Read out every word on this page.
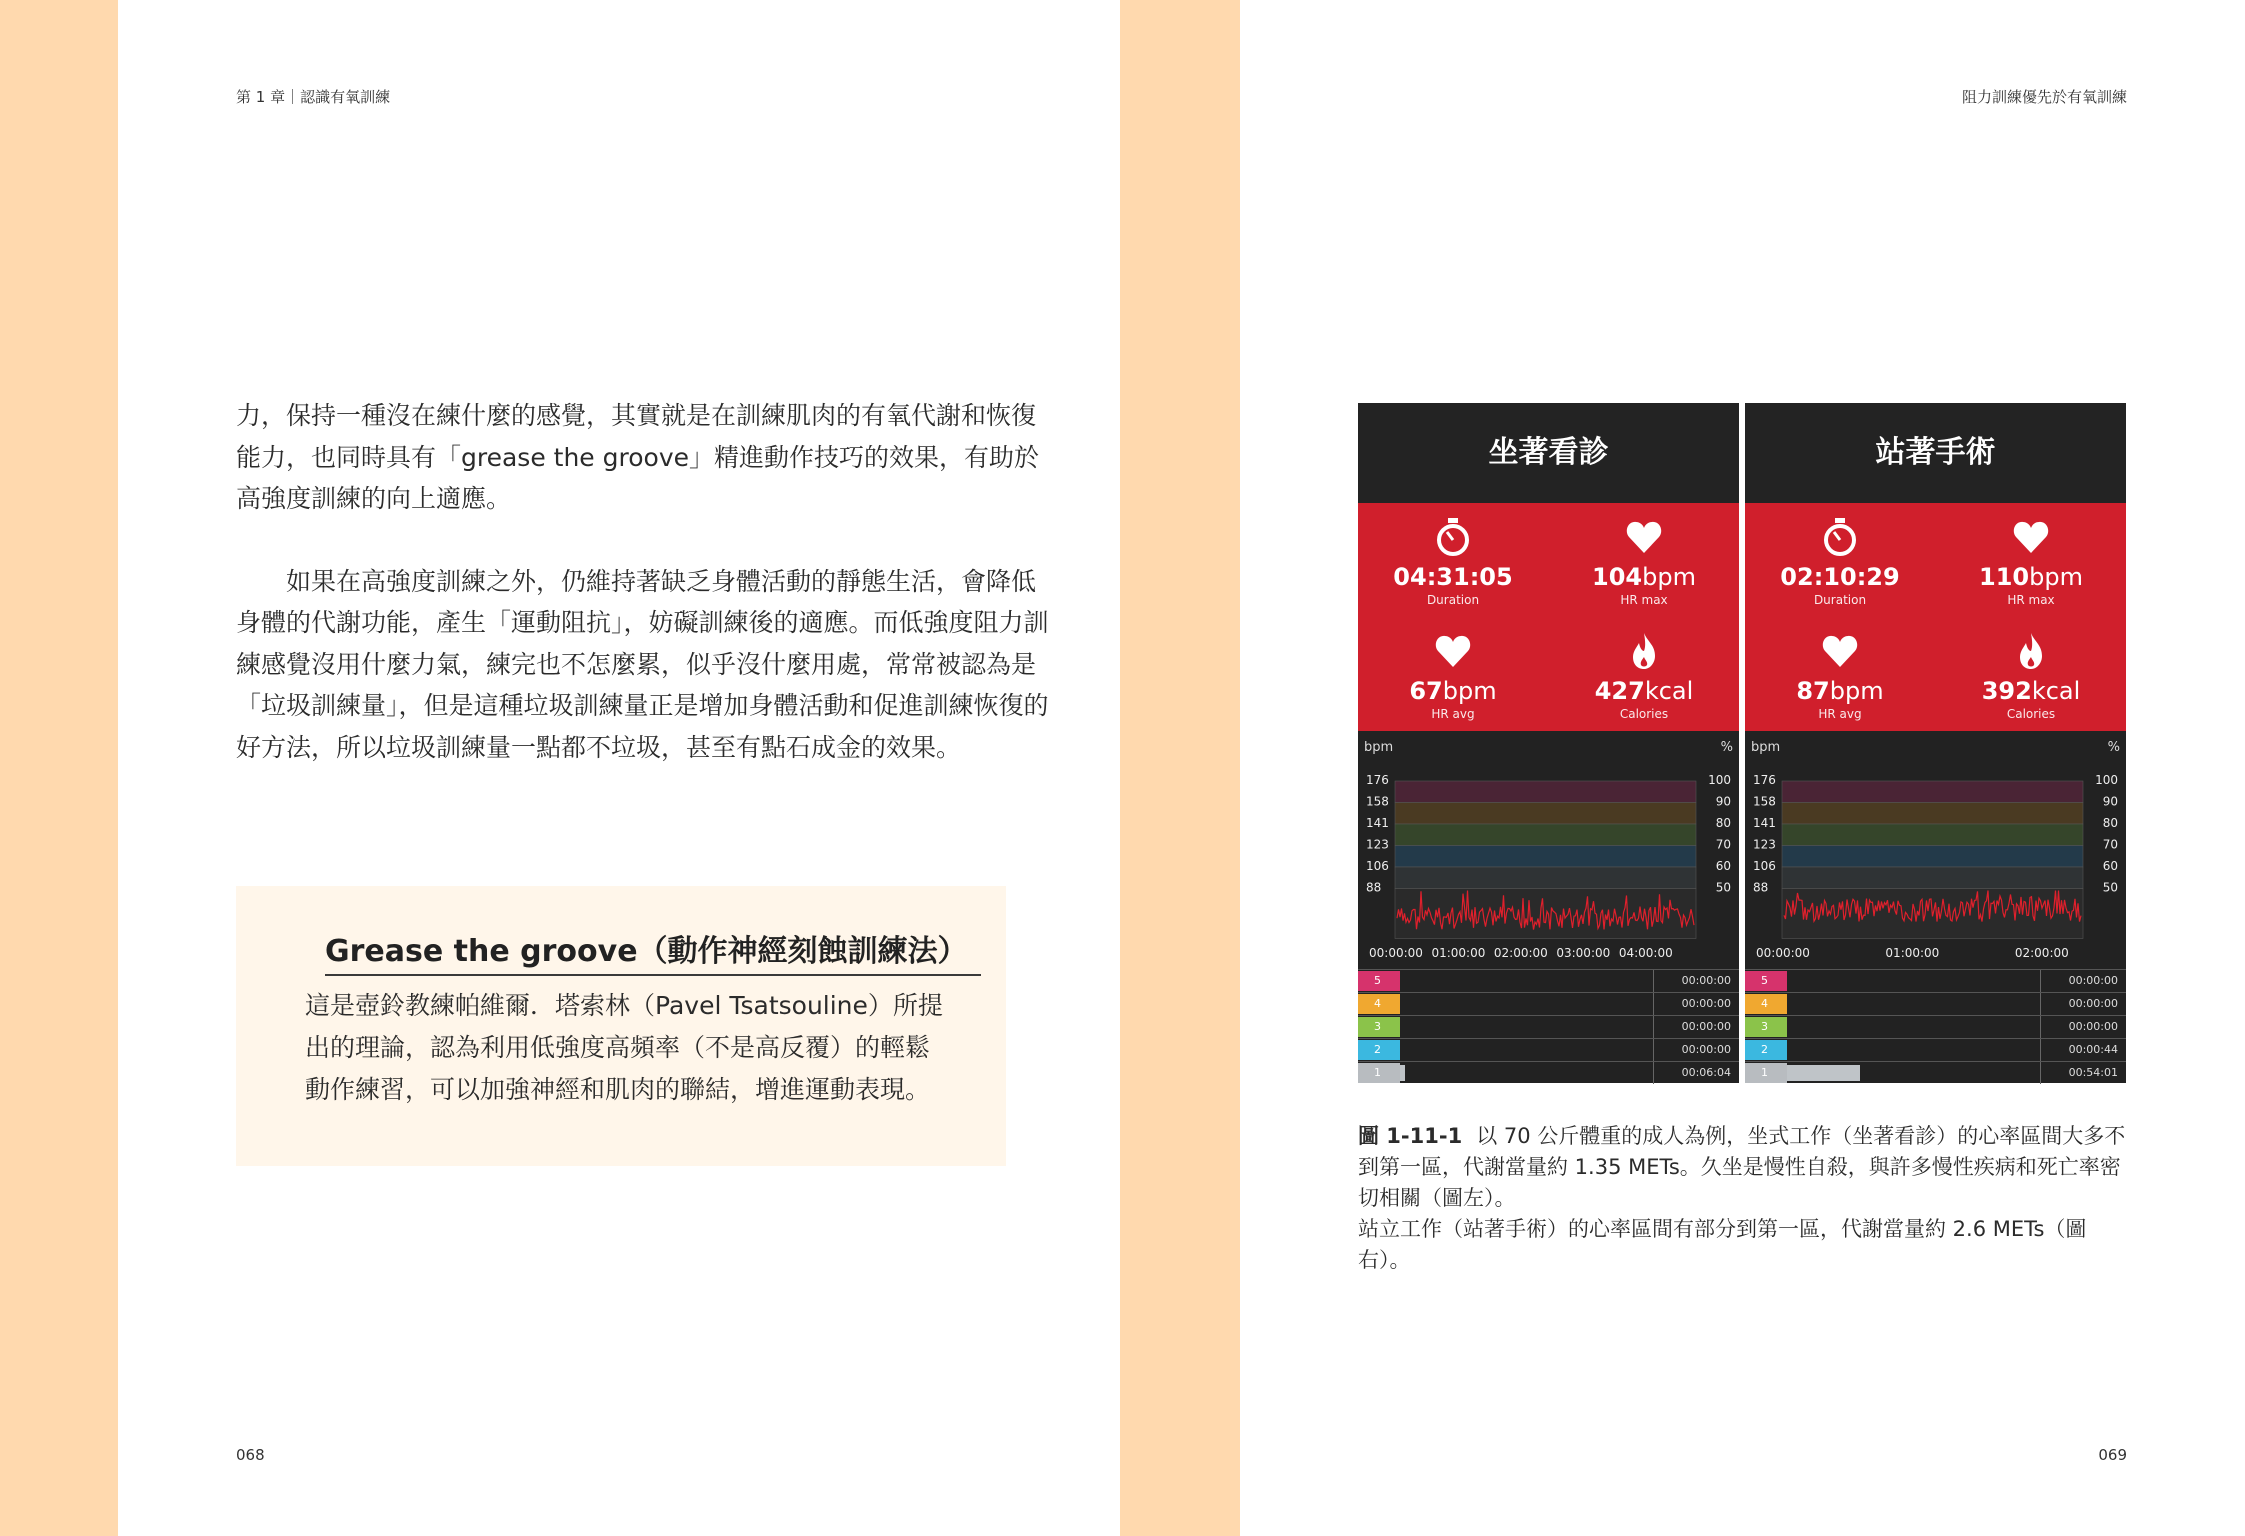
第 1 章｜認識有氧訓練

力，保持一種沒在練什麼的感覺，其實就是在訓練肌肉的有氧代謝和恢復能力，也同時具有「grease the groove」精進動作技巧的效果，有助於高強度訓練的向上適應。

如果在高強度訓練之外，仍維持著缺乏身體活動的靜態生活，會降低身體的代謝功能，產生「運動阻抗」，妨礙訓練後的適應。而低強度阻力訓練感覺沒用什麼力氣，練完也不怎麼累，似乎沒什麼用處，常常被認為是「垃圾訓練量」，但是這種垃圾訓練量正是增加身體活動和促進訓練恢復的好方法，所以垃圾訓練量一點都不垃圾，甚至有點石成金的效果。

Grease the groove（動作神經刻蝕訓練法）
這是壺鈴教練帕維爾．塔索林（Pavel Tsatsouline）所提出的理論，認為利用低強度高頻率（不是高反覆）的輕鬆動作練習，可以加強神經和肌肉的聯結，增進運動表現。
068
阻力訓練優先於有氧訓練
坐著看診
04:31:05
Duration
104bpm
HR max
67bpm
HR avg
427kcal
Calories
bpm	%
176
158
141
123
106
88
100
90
80
70
60
50
00:00:00 01:00:00 02:00:00 03:00:00 04:00:00
5	00:00:00
4	00:00:00
3	00:00:00
2	00:00:00
1	00:06:04
站著手術
02:10:29
Duration
110bpm
HR max
87bpm
HR avg
392kcal
Calories
bpm	%
176
158
141
123
106
88
100
90
80
70
60
50
00:00:00	01:00:00	02:00:00
5	00:00:00
4	00:00:00
3	00:00:00
2	00:00:44
1	00:54:01
圖 1-11-1 以 70 公斤體重的成人為例，坐式工作（坐著看診）的心率區間大多不到第一區，代謝當量約 1.35 METs。久坐是慢性自殺，與許多慢性疾病和死亡率密切相關（圖左）。
站立工作（站著手術）的心率區間有部分到第一區，代謝當量約 2.6 METs（圖右）。
069
